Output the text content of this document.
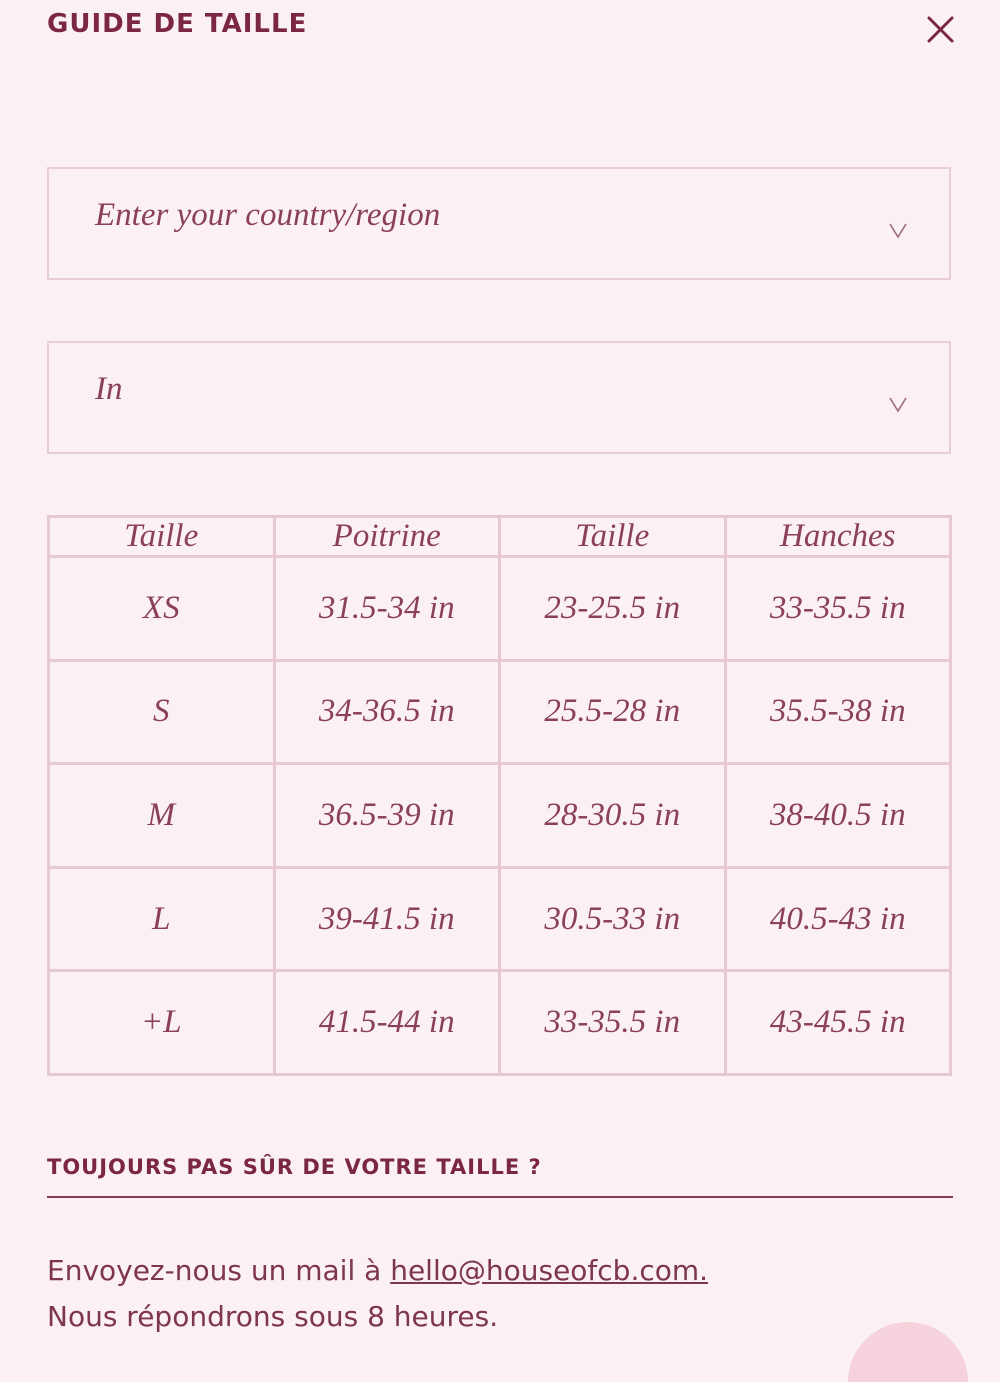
GUIDE DE TAILLE
Enter your country/region
In
Taille	Poitrine	Taille	Hanches
XS	31.5-34 in	23-25.5 in	33-35.5 in
S	34-36.5 in	25.5-28 in	35.5-38 in
M	36.5-39 in	28-30.5 in	38-40.5 in
L	39-41.5 in	30.5-33 in	40.5-43 in
+L	41.5-44 in	33-35.5 in	43-45.5 in
TOUJOURS PAS SÛR DE VOTRE TAILLE ?
Envoyez-nous un mail à hello@houseofcb.com.
Nous répondrons sous 8 heures.
